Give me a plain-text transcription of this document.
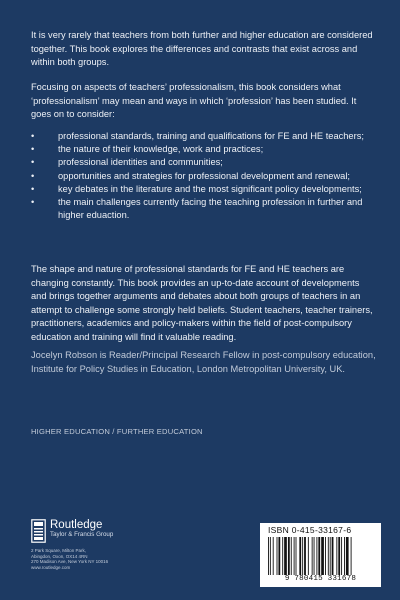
It is very rarely that teachers from both further and higher education are considered together. This book explores the differences and contrasts that exist across and within both groups.

Focusing on aspects of teachers’ professionalism, this book considers what ‘professionalism’ may mean and ways in which ‘profession’ has been studied. It goes on to consider:

• professional standards, training and qualifications for FE and HE teachers;
• the nature of their knowledge, work and practices;
• professional identities and communities;
• opportunities and strategies for professional development and renewal;
• key debates in the literature and the most significant policy developments;
• the main challenges currently facing the teaching profession in further and higher eduaction.

The shape and nature of professional standards for FE and HE teachers are changing constantly. This book provides an up-to-date account of developments and brings together arguments and debates about both groups of teachers in an attempt to challenge some strongly held beliefs. Student teachers, teacher trainers, practitioners, academics and policy-makers within the field of post-compulsory education and training will find it valuable reading.

Jocelyn Robson is Reader/Principal Research Fellow in post-compulsory education, Institute for Policy Studies in Education, London Metropolitan University, UK.

HIGHER EDUCATION / FURTHER EDUCATION
Routledge
Taylor & Francis Group
2 Park Square, Milton Park,
Abingdon, Oxon, OX14 4RN
270 Madison Ave, New York NY 10016
www.routledge.com
ISBN 0-415-33167-6
9 780415 331678
